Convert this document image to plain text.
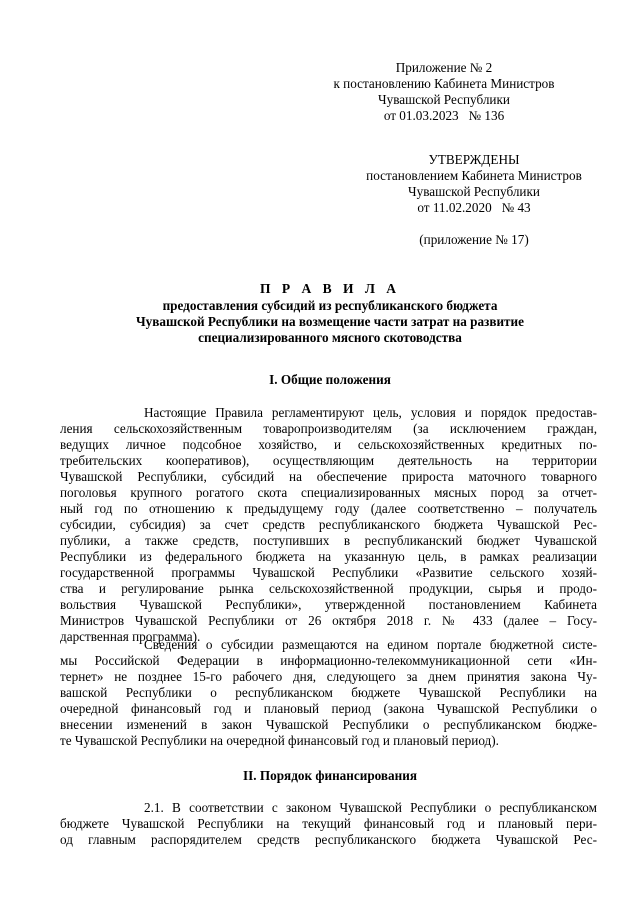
Приложение № 2
к постановлению Кабинета Министров
Чувашской Республики
от 01.03.2023   № 136
УТВЕРЖДЕНЫ
постановлением Кабинета Министров
Чувашской Республики
от 11.02.2020   № 43
(приложение № 17)
П Р А В И Л А
предоставления субсидий из республиканского бюджета
Чувашской Республики на возмещение части затрат на развитие
специализированного мясного скотоводства
I. Общие положения
Настоящие Правила регламентируют цель, условия и порядок предостав-
ления сельскохозяйственным товаропроизводителям (за исключением граждан,
ведущих личное подсобное хозяйство, и сельскохозяйственных кредитных по-
требительских кооперативов), осуществляющим деятельность на территории
Чувашской Республики, субсидий на обеспечение прироста маточного товарного
поголовья крупного рогатого скота специализированных мясных пород за отчет-
ный год по отношению к предыдущему году (далее соответственно – получатель
субсидии, субсидия) за счет средств республиканского бюджета Чувашской Рес-
публики, а также средств, поступивших в республиканский бюджет Чувашской
Республики из федерального бюджета на указанную цель, в рамках реализации
государственной программы Чувашской Республики «Развитие сельского хозяй-
ства и регулирование рынка сельскохозяйственной продукции, сырья и продо-
вольствия Чувашской Республики», утвержденной постановлением Кабинета
Министров Чувашской Республики от 26 октября 2018 г. № 433 (далее – Госу-
дарственная программа).
Сведения о субсидии размещаются на едином портале бюджетной систе-
мы Российской Федерации в информационно-телекоммуникационной сети «Ин-
тернет» не позднее 15-го рабочего дня, следующего за днем принятия закона Чу-
вашской Республики о республиканском бюджете Чувашской Республики на
очередной финансовый год и плановый период (закона Чувашской Республики о
внесении изменений в закон Чувашской Республики о республиканском бюдже-
те Чувашской Республики на очередной финансовый год и плановый период).
II. Порядок финансирования
2.1. В соответствии с законом Чувашской Республики о республиканском
бюджете Чувашской Республики на текущий финансовый год и плановый пери-
од главным распорядителем средств республиканского бюджета Чувашской Рес-
